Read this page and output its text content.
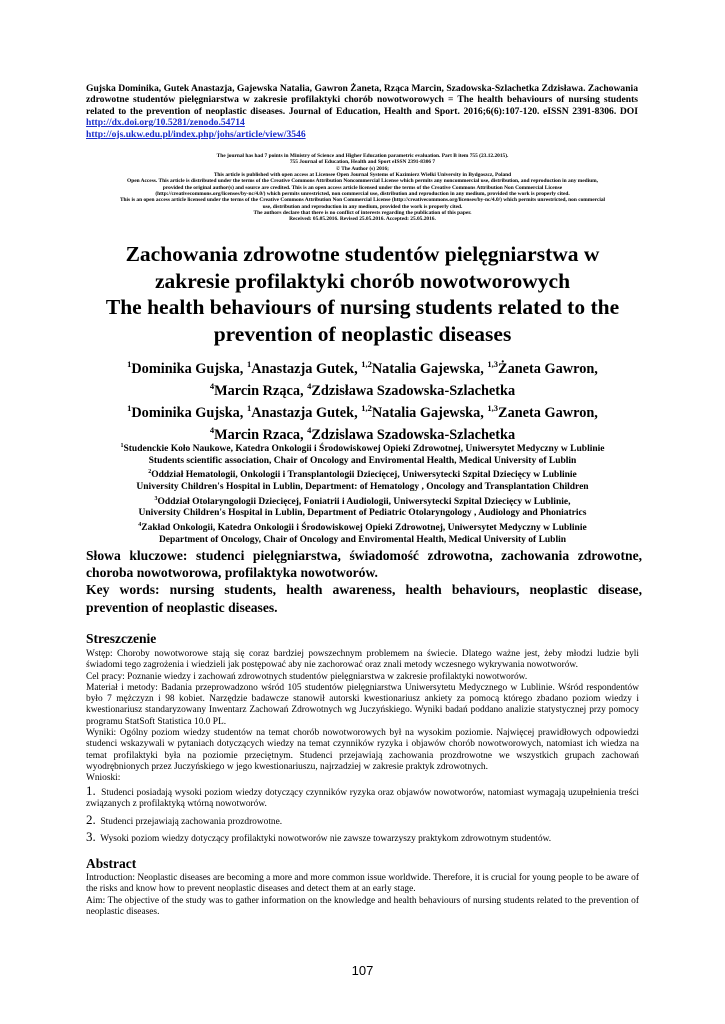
Gujska Dominika, Gutek Anastazja, Gajewska Natalia, Gawron Żaneta, Rząca Marcin, Szadowska-Szlachetka Zdzisława. Zachowania zdrowotne studentów pielęgniarstwa w zakresie profilaktyki chorób nowotworowych = The health behaviours of nursing students related to the prevention of neoplastic diseases. Journal of Education, Health and Sport. 2016;6(6):107-120. eISSN 2391-8306. DOI http://dx.doi.org/10.5281/zenodo.54714
http://ojs.ukw.edu.pl/index.php/johs/article/view/3546
The journal has had 7 points in Ministry of Science and Higher Education parametric evaluation. Part B item 755 (23.12.2015).
755 Journal of Education, Health and Sport eISSN 2391-8306 7
© The Author (s) 2016;
This article is published with open access at Licensee Open Journal Systems of Kazimierz Wielki University in Bydgoszcz, Poland
Open Access. This article is distributed under the terms of the Creative Commons Attribution Noncommercial License which permits any noncommercial use, distribution, and reproduction in any medium,
provided the original author(s) and source are credited. This is an open access article licensed under the terms of the Creative Commons Attribution Non Commercial License
(http://creativecommons.org/licenses/by-nc/4.0/) which permits unrestricted, non commercial use, distribution and reproduction in any medium, provided the work is properly cited.
This is an open access article licensed under the terms of the Creative Commons Attribution Non Commercial License (http://creativecommons.org/licenses/by-nc/4.0/) which permits unrestricted, non commercial
use, distribution and reproduction in any medium, provided the work is properly cited.
The authors declare that there is no conflict of interests regarding the publication of this paper.
Received: 05.05.2016. Revised 25.05.2016. Accepted: 25.05.2016.
Zachowania zdrowotne studentów pielęgniarstwa w
zakresie profilaktyki chorób nowotworowych
The health behaviours of nursing students related to the
prevention of neoplastic diseases
$^1$Dominika Gujska, $^1$Anastazja Gutek, $^{1,2}$Natalia Gajewska, $^{1,3}$Żaneta Gawron,
$^4$Marcin Rząca, $^4$Zdzisława Szadowska-Szlachetka
$^1$Dominika Gujska, $^1$Anastazja Gutek, $^{1,2}$Natalia Gajewska, $^{1,3}$Zaneta Gawron,
$^4$Marcin Rzaca, $^4$Zdzislawa Szadowska-Szlachetka
$^1$Studenckie Koło Naukowe, Katedra Onkologii i Środowiskowej Opieki Zdrowotnej, Uniwersytet Medyczny w Lublinie
Students scientific association, Chair of Oncology and Enviromental Health, Medical University of Lublin
$^2$Oddział Hematologii, Onkologii i Transplantologii Dziecięcej, Uniwersytecki Szpital Dziecięcy w Lublinie
University Children's Hospital in Lublin, Department: of Hematology , Oncology and Transplantation Children
$^3$Oddział Otolaryngologii Dziecięcej, Foniatrii i Audiologii, Uniwersytecki Szpital Dziecięcy w Lublinie,
University Children's Hospital in Lublin, Department of Pediatric Otolaryngology , Audiology and Phoniatrics
$^4$Zakład Onkologii, Katedra Onkologii i Środowiskowej Opieki Zdrowotnej, Uniwersytet Medyczny w Lublinie
Department of Oncology, Chair of Oncology and Enviromental Health, Medical University of Lublin
Słowa kluczowe: studenci pielęgniarstwa, świadomość zdrowotna, zachowania zdrowotne, choroba nowotworowa, profilaktyka nowotworów.
Key words: nursing students, health awareness, health behaviours, neoplastic disease, prevention of neoplastic diseases.
Streszczenie
Wstęp: Choroby nowotworowe stają się coraz bardziej powszechnym problemem na świecie. Dlatego ważne jest, żeby młodzi ludzie byli świadomi tego zagrożenia i wiedzieli jak postępować aby nie zachorować oraz znali metody wczesnego wykrywania nowotworów.
Cel pracy: Poznanie wiedzy i zachowań zdrowotnych studentów pielęgniarstwa w zakresie profilaktyki nowotworów.
Materiał i metody: Badania przeprowadzono wśród 105 studentów pielęgniarstwa Uniwersytetu Medycznego w Lublinie. Wśród respondentów było 7 mężczyzn i 98 kobiet. Narzędzie badawcze stanowił autorski kwestionariusz ankiety za pomocą którego zbadano poziom wiedzy i kwestionariusz standaryzowany Inwentarz Zachowań Zdrowotnych wg Juczyńskiego. Wyniki badań poddano analizie statystycznej przy pomocy programu StatSoft Statistica 10.0 PL.
Wyniki: Ogólny poziom wiedzy studentów na temat chorób nowotworowych był na wysokim poziomie. Najwięcej prawidłowych odpowiedzi studenci wskazywali w pytaniach dotyczących wiedzy na temat czynników ryzyka i objawów chorób nowotworowych, natomiast ich wiedza na temat profilaktyki była na poziomie przeciętnym. Studenci przejawiają zachowania prozdrowotne we wszystkich grupach zachowań wyodrębnionych przez Juczyńskiego w jego kwestionariuszu, najrzadziej w zakresie praktyk zdrowotnych.
Wnioski:
1. Studenci posiadają wysoki poziom wiedzy dotyczący czynników ryzyka oraz objawów nowotworów, natomiast wymagają uzupełnienia treści związanych z profilaktyką wtórną nowotworów.
2. Studenci przejawiają zachowania prozdrowotne.
3. Wysoki poziom wiedzy dotyczący profilaktyki nowotworów nie zawsze towarzyszy praktykom zdrowotnym studentów.
Abstract
Introduction: Neoplastic diseases are becoming a more and more common issue worldwide. Therefore, it is crucial for young people to be aware of the risks and know how to prevent neoplastic diseases and detect them at an early stage.
Aim: The objective of the study was to gather information on the knowledge and health behaviours of nursing students related to the prevention of neoplastic diseases.
107
